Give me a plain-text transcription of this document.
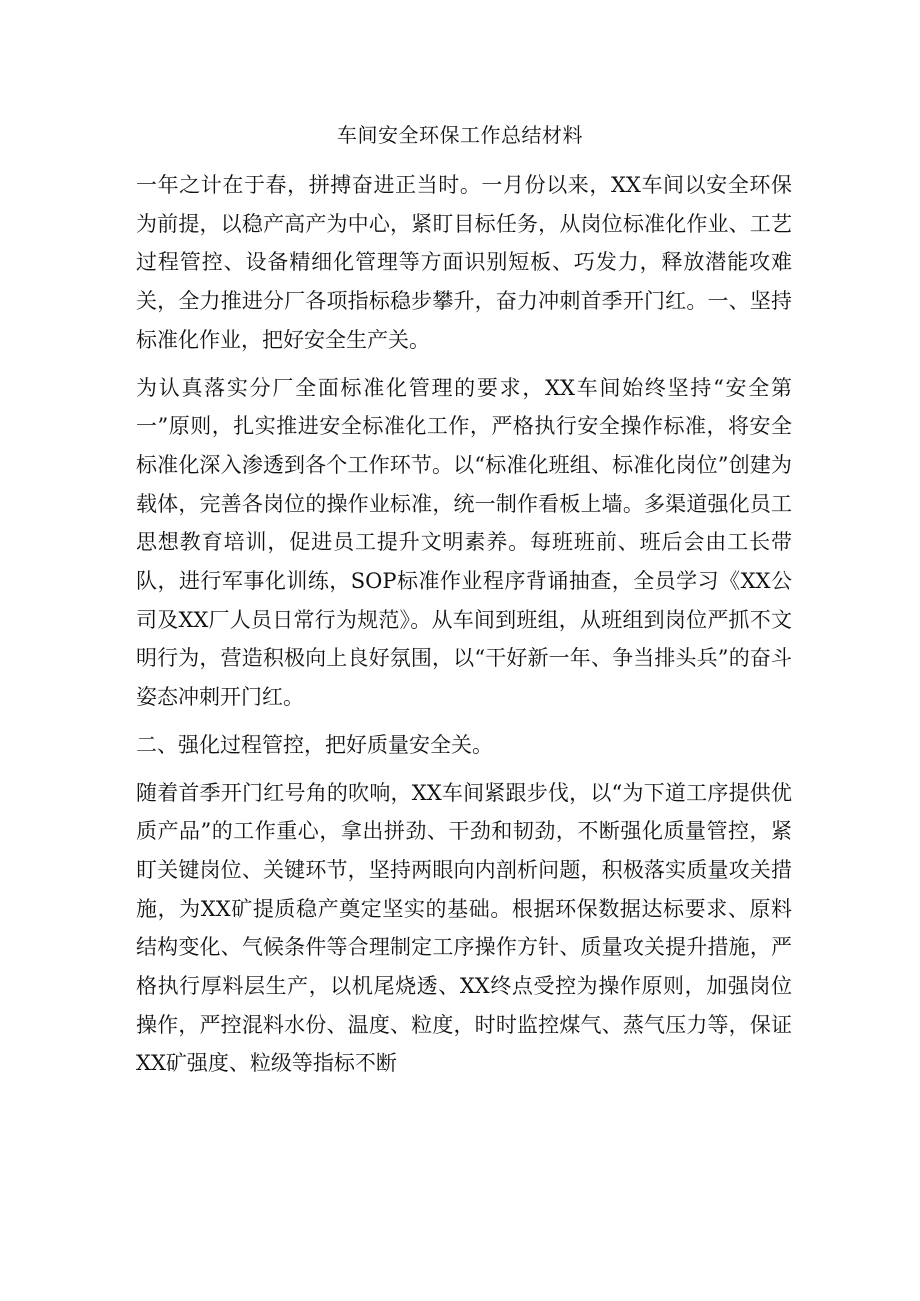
车间安全环保工作总结材料

一年之计在于春，拼搏奋进正当时。一月份以来，XX车间以安全环保为前提，以稳产高产为中心，紧盯目标任务，从岗位标准化作业、工艺过程管控、设备精细化管理等方面识别短板、巧发力，释放潜能攻难关，全力推进分厂各项指标稳步攀升，奋力冲刺首季开门红。一、坚持标准化作业，把好安全生产关。

为认真落实分厂全面标准化管理的要求，XX车间始终坚持“安全第一”原则，扎实推进安全标准化工作，严格执行安全操作标准，将安全标准化深入渗透到各个工作环节。以“标准化班组、标准化岗位”创建为载体，完善各岗位的操作业标准，统一制作看板上墙。多渠道强化员工思想教育培训，促进员工提升文明素养。每班班前、班后会由工长带队，进行军事化训练，SOP标准作业程序背诵抽查，全员学习《XX公司及XX厂人员日常行为规范》。从车间到班组，从班组到岗位严抓不文明行为，营造积极向上良好氛围，以“干好新一年、争当排头兵”的奋斗姿态冲刺开门红。

二、强化过程管控，把好质量安全关。

随着首季开门红号角的吹响，XX车间紧跟步伐，以“为下道工序提供优质产品”的工作重心，拿出拼劲、干劲和韧劲，不断强化质量管控，紧盯关键岗位、关键环节，坚持两眼向内剖析问题，积极落实质量攻关措施，为XX矿提质稳产奠定坚实的基础。根据环保数据达标要求、原料结构变化、气候条件等合理制定工序操作方针、质量攻关提升措施，严格执行厚料层生产，以机尾烧透、XX终点受控为操作原则，加强岗位操作，严控混料水份、温度、粒度，时时监控煤气、蒸气压力等，保证XX矿强度、粒级等指标不断
